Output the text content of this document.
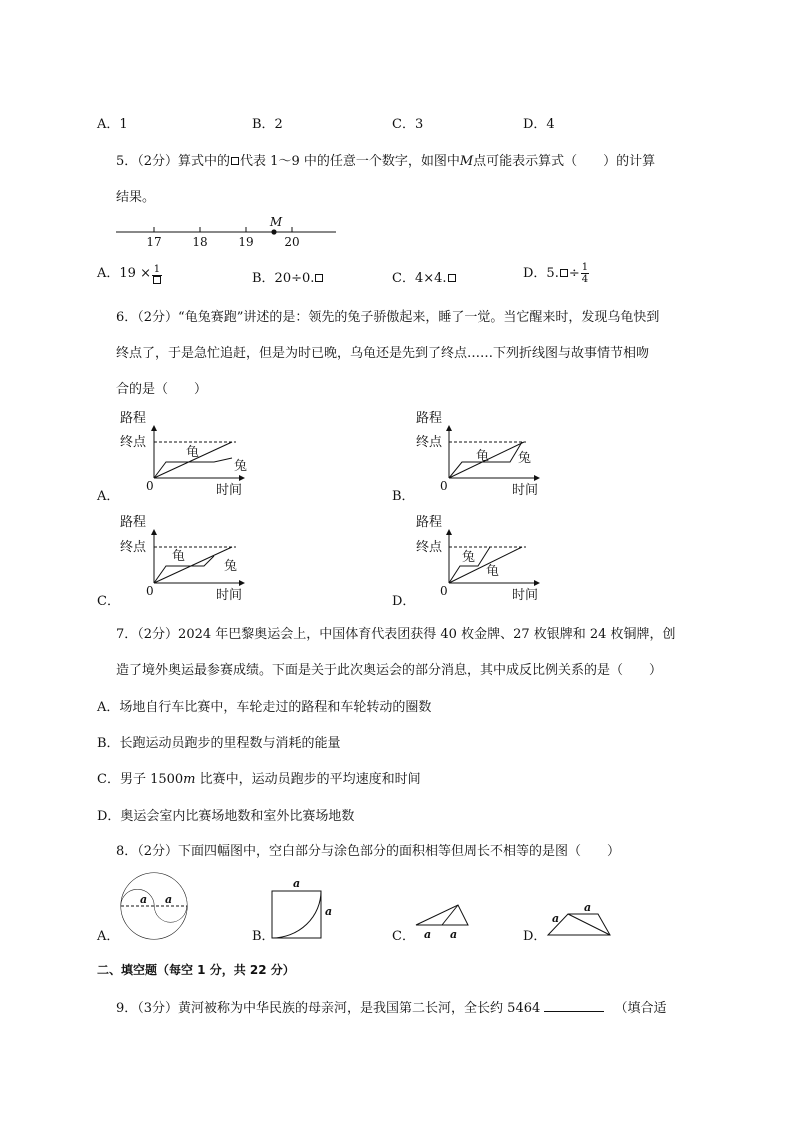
A．1	B．2	C．3	D．4
5．（2分）算式中的 代表 1～9 中的任意一个数字，如图中M点可能表示算式（　　）的计算
结果。
17	18	19	20
M
A．19 × 1
B．20÷0.	C．4×4.	D．5. ÷ $\frac{1}{4}$
6．（2分）“龟兔赛跑”讲述的是：领先的兔子骄傲起来，睡了一觉。当它醒来时，发现乌龟快到
终点了，于是急忙追赶，但是为时已晚，乌龟还是先到了终点……下列折线图与故事情节相吻
合的是（　　）
路程
终点
0	时间
龟
兔
路程
终点
0	时间
龟 兔
路程
终点
0	时间
龟
兔
路程
终点
0	时间
龟
兔
A．	B．
C．	D．
7．（2分）2024 年巴黎奥运会上，中国体育代表团获得 40 枚金牌、27 枚银牌和 24 枚铜牌，创
造了境外奥运最参赛成绩。下面是关于此次奥运会的部分消息，其中成反比例关系的是（　　）
A．场地自行车比赛中，车轮走过的路程和车轮转动的圈数
B．长跑运动员跑步的里程数与消耗的能量
C．男子 1500m 比赛中，运动员跑步的平均速度和时间
D．奥运会室内比赛场地数和室外比赛场地数
8．（2分）下面四幅图中，空白部分与涂色部分的面积相等但周长不相等的是图（　　）
a a
a
a
a a
a
a
A．	B．	C．	D．
二、填空题（每空 1 分，共 22 分）
9．（3分）黄河被称为中华民族的母亲河，是我国第二长河，全长约 5464	（填合适
